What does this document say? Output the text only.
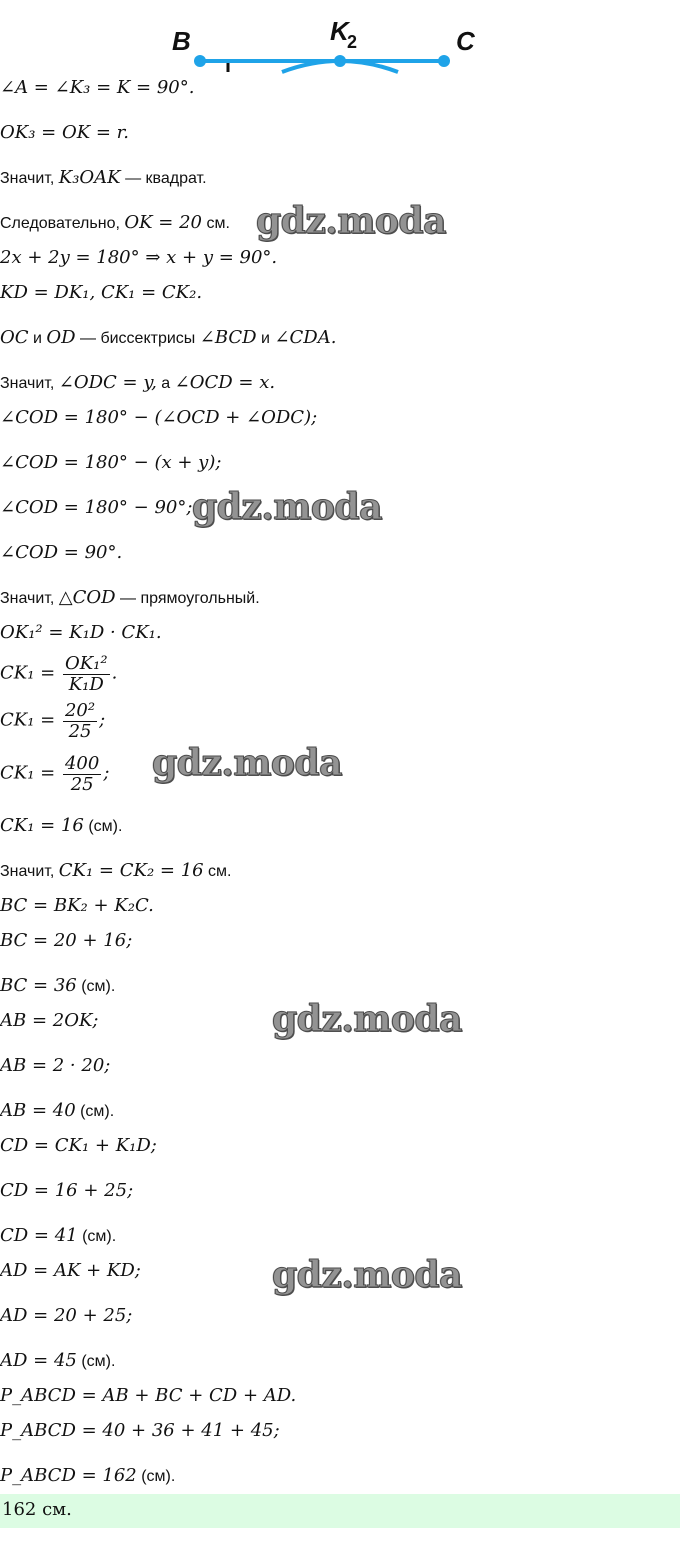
B	K
2	C
∠A = ∠K₃ = K = 90°.
OK₃ = OK = r.
Значит, K₃OAK — квадрат.
Следовательно, OK = 20 см.
2x + 2y = 180° ⇒ x + y = 90°.
KD = DK₁, CK₁ = CK₂.
OC и OD — биссектрисы ∠BCD и ∠CDA.
Значит, ∠ODC = y, а ∠OCD = x.
∠COD = 180° − (∠OCD + ∠ODC);
∠COD = 180° − (x + y);
∠COD = 180° − 90°;
∠COD = 90°.
Значит, △COD — прямоугольный.
OK₁² = K₁D · CK₁.
$CK_1 = \frac{\text{OK₁²}}{\text{K₁D}}$ .
$CK_1 = \frac{\text{20²}}{25}$ ;
$CK_1 = \frac{400}{25}$ ;
CK₁ = 16 (см).
Значит, CK₁ = CK₂ = 16 см.
BC = BK₂ + K₂C.
BC = 20 + 16;
BC = 36 (см).
AB = 2OK;
AB = 2 · 20;
AB = 40 (см).
CD = CK₁ + K₁D;
CD = 16 + 25;
CD = 41 (см).
AD = AK + KD;
AD = 20 + 25;
AD = 45 (см).
P_ABCD = AB + BC + CD + AD.
P_ABCD = 40 + 36 + 41 + 45;
P_ABCD = 162 (см).
gdz.moda
gdz.moda
gdz.moda
gdz.moda
gdz.moda
162 см.
